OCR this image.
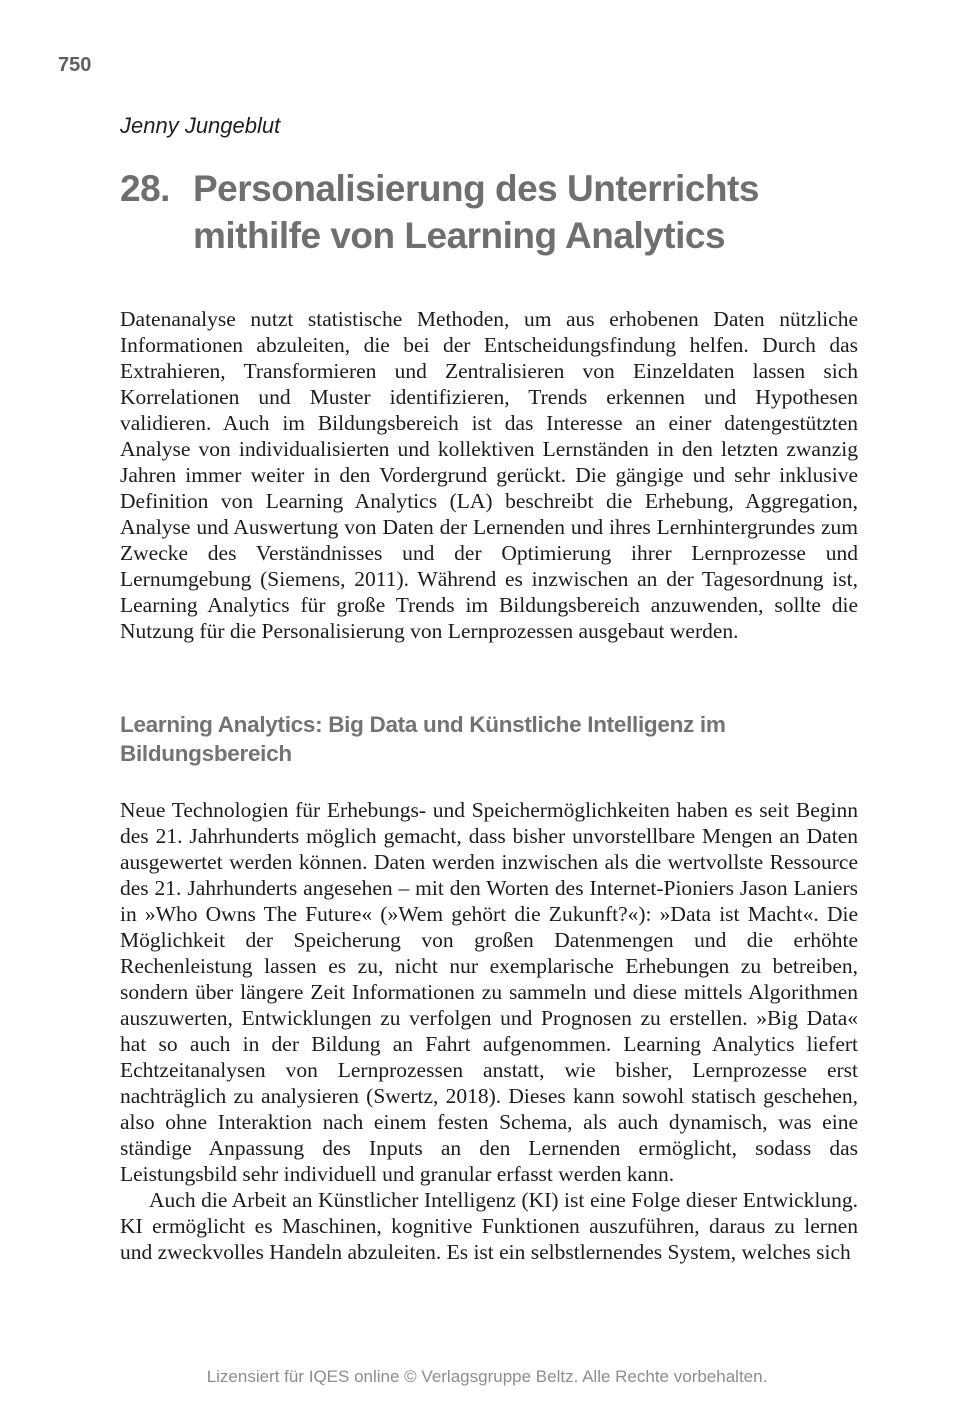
750
Jenny Jungeblut
28. Personalisierung des Unterrichts mithilfe von Learning Analytics

Datenanalyse nutzt statistische Methoden, um aus erhobenen Daten nützliche Informationen abzuleiten, die bei der Entscheidungsfindung helfen. Durch das Extrahieren, Transformieren und Zentralisieren von Einzeldaten lassen sich Korrelationen und Muster identifizieren, Trends erkennen und Hypothesen validieren. Auch im Bildungsbereich ist das Interesse an einer datengestützten Analyse von individualisierten und kollektiven Lernständen in den letzten zwanzig Jahren immer weiter in den Vordergrund gerückt. Die gängige und sehr inklusive Definition von Learning Analytics (LA) beschreibt die Erhebung, Aggregation, Analyse und Auswertung von Daten der Lernenden und ihres Lernhintergrundes zum Zwecke des Verständnisses und der Optimierung ihrer Lernprozesse und Lernumgebung (Siemens, 2011). Während es inzwischen an der Tagesordnung ist, Learning Analytics für große Trends im Bildungsbereich anzuwenden, sollte die Nutzung für die Personalisierung von Lernprozessen ausgebaut werden.

Learning Analytics: Big Data und Künstliche Intelligenz im Bildungsbereich

Neue Technologien für Erhebungs- und Speichermöglichkeiten haben es seit Beginn des 21. Jahrhunderts möglich gemacht, dass bisher unvorstellbare Mengen an Daten ausgewertet werden können. Daten werden inzwischen als die wertvollste Ressource des 21. Jahrhunderts angesehen – mit den Worten des Internet-Pioniers Jason Laniers in »Who Owns The Future« (»Wem gehört die Zukunft?«): »Data ist Macht«. Die Möglichkeit der Speicherung von großen Datenmengen und die erhöhte Rechenleistung lassen es zu, nicht nur exemplarische Erhebungen zu betreiben, sondern über längere Zeit Informationen zu sammeln und diese mittels Algorithmen auszuwerten, Entwicklungen zu verfolgen und Prognosen zu erstellen. »Big Data« hat so auch in der Bildung an Fahrt aufgenommen. Learning Analytics liefert Echtzeitanalysen von Lernprozessen anstatt, wie bisher, Lernprozesse erst nachträglich zu analysieren (Swertz, 2018). Dieses kann sowohl statisch geschehen, also ohne Interaktion nach einem festen Schema, als auch dynamisch, was eine ständige Anpassung des Inputs an den Lernenden ermöglicht, sodass das Leistungsbild sehr individuell und granular erfasst werden kann.

Auch die Arbeit an Künstlicher Intelligenz (KI) ist eine Folge dieser Entwicklung. KI ermöglicht es Maschinen, kognitive Funktionen auszuführen, daraus zu lernen und zweckvolles Handeln abzuleiten. Es ist ein selbstlernendes System, welches sich

Lizensiert für IQES online © Verlagsgruppe Beltz. Alle Rechte vorbehalten.
